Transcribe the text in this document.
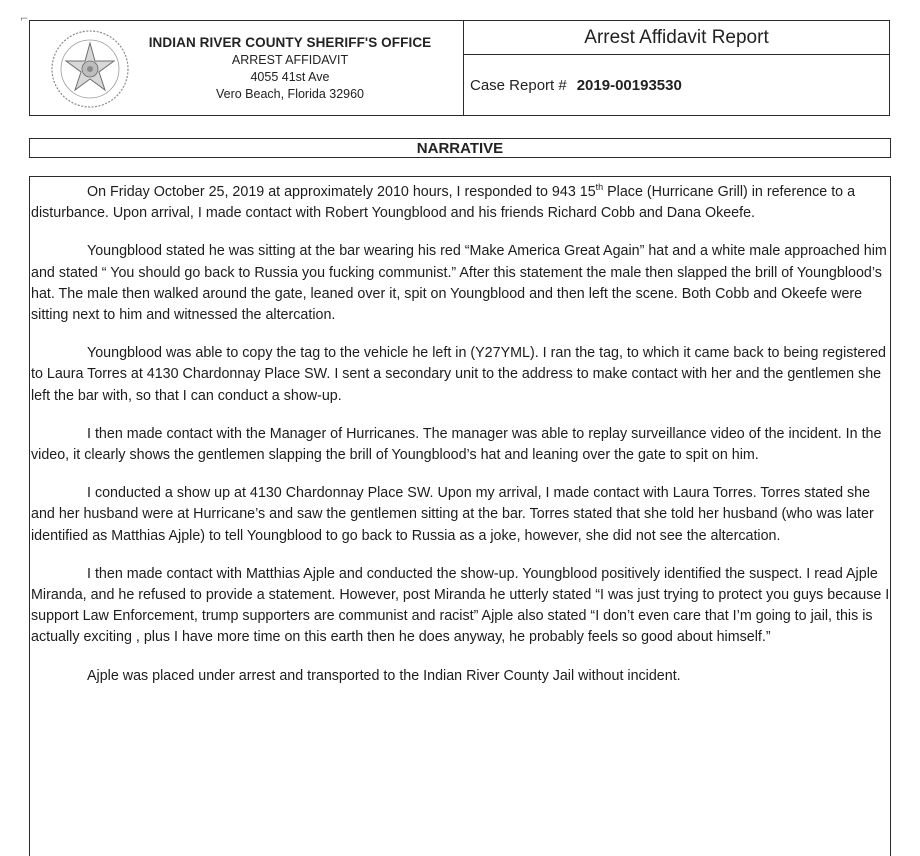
⌐
INDIAN RIVER COUNTY SHERIFF'S OFFICE
ARREST AFFIDAVIT
4055 41st Ave
Vero Beach, Florida 32960
Arrest Affidavit Report
Case Report # 2019-00193530
NARRATIVE

On Friday October 25, 2019 at approximately 2010 hours, I responded to 943 15th Place (Hurricane Grill) in reference to a disturbance. Upon arrival, I made contact with Robert Youngblood and his friends Richard Cobb and Dana Okeefe.

Youngblood stated he was sitting at the bar wearing his red “Make America Great Again” hat and a white male approached him and stated “ You should go back to Russia you fucking communist.” After this statement the male then slapped the brill of Youngblood’s hat. The male then walked around the gate, leaned over it, spit on Youngblood and then left the scene. Both Cobb and Okeefe were sitting next to him and witnessed the altercation.

Youngblood was able to copy the tag to the vehicle he left in (Y27YML). I ran the tag, to which it came back to being registered to Laura Torres at 4130 Chardonnay Place SW. I sent a secondary unit to the address to make contact with her and the gentlemen she left the bar with, so that I can conduct a show-up.

I then made contact with the Manager of Hurricanes. The manager was able to replay surveillance video of the incident. In the video, it clearly shows the gentlemen slapping the brill of Youngblood’s hat and leaning over the gate to spit on him.

I conducted a show up at 4130 Chardonnay Place SW. Upon my arrival, I made contact with Laura Torres. Torres stated she and her husband were at Hurricane’s and saw the gentlemen sitting at the bar. Torres stated that she told her husband (who was later identified as Matthias Ajple) to tell Youngblood to go back to Russia as a joke, however, she did not see the altercation.

I then made contact with Matthias Ajple and conducted the show-up. Youngblood positively identified the suspect. I read Ajple Miranda, and he refused to provide a statement. However, post Miranda he utterly stated “I was just trying to protect you guys because I support Law Enforcement, trump supporters are communist and racist” Ajple also stated “I don’t even care that I’m going to jail, this is actually exciting , plus I have more time on this earth then he does anyway, he probably feels so good about himself.”

Ajple was placed under arrest and transported to the Indian River County Jail without incident.
